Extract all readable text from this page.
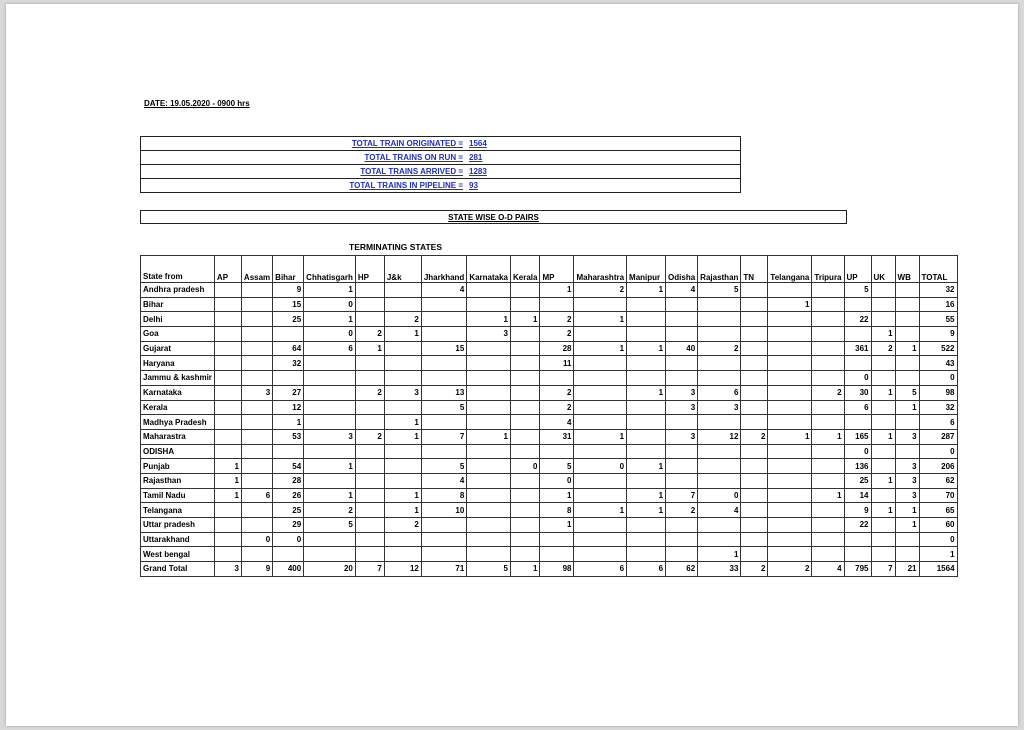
DATE: 19.05.2020 - 0900 hrs
TOTAL TRAIN ORIGINATED = 1564
TOTAL TRAINS ON RUN = 281
TOTAL TRAINS ARRIVED = 1283
TOTAL TRAINS IN PIPELINE = 93
STATE WISE O-D PAIRS
TERMINATING STATES
State from	AP	Assam	Bihar	Chhatisgarh	HP	J&k	Jharkhand	Karnataka	Kerala	MP	Maharashtra	Manipur	Odisha	Rajasthan	TN	Telangana	Tripura	UP	UK	WB	TOTAL
Andhra pradesh			9	1			4			1	2	1	4	5				5			32
Bihar			15	0												1					16
Delhi			25	1		2		1	1	2	1							22			55
Goa				0	2	1		3		2									1		9
Gujarat			64	6	1		15			28	1	1	40	2				361	2	1	522
Haryana			32							11											43
Jammu & kashmir																		0			0
Karnataka		3	27		2	3	13			2		1	3	6			2	30	1	5	98
Kerala			12				5			2			3	3				6		1	32
Madhya Pradesh			1			1				4											6
Maharastra			53	3	2	1	7	1		31	1		3	12	2	1	1	165	1	3	287
ODISHA																		0			0
Punjab	1		54	1			5		0	5	0	1						136		3	206
Rajasthan	1		28				4			0								25	1	3	62
Tamil Nadu	1	6	26	1		1	8			1		1	7	0			1	14		3	70
Telangana			25	2		1	10			8	1	1	2	4				9	1	1	65
Uttar pradesh			29	5		2				1								22		1	60
Uttarakhand		0	0																		0
West bengal														1							1
Grand Total	3	9	400	20	7	12	71	5	1	98	6	6	62	33	2	2	4	795	7	21	1564
